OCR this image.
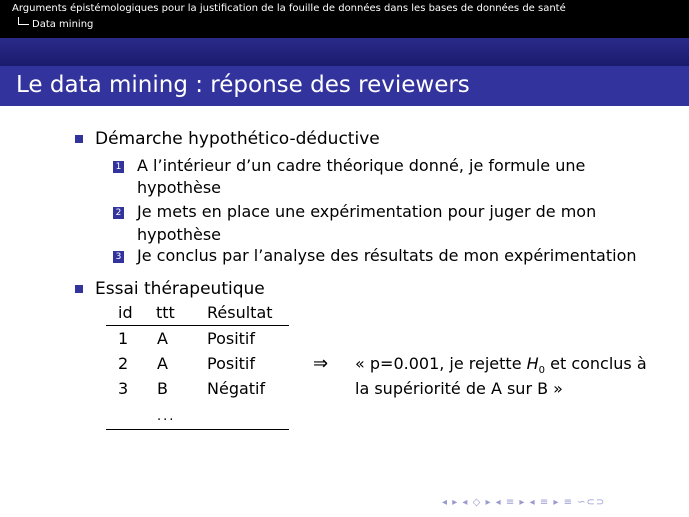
Arguments épistémologiques pour la justification de la fouille de données dans les bases de données de santé
Data mining
Le data mining : réponse des reviewers
Démarche hypothético-déductive
1 A l’intérieur d’un cadre théorique donné, je formule une
hypothèse
2 Je mets en place une expérimentation pour juger de mon
hypothèse
3 Je conclus par l’analyse des résultats de mon expérimentation
Essai thérapeutique
id ttt Résultat
1 A Positif
2 A Positif
3 B Négatif
...
⇒ « p=0.001, je rejette $H_0$ et conclus à
la supériorité de A sur B »
◂ ▸ ◂ ◇ ▸ ◂ ≡ ▸ ◂ ≡ ▸ ≡ ∽⊂⊃
